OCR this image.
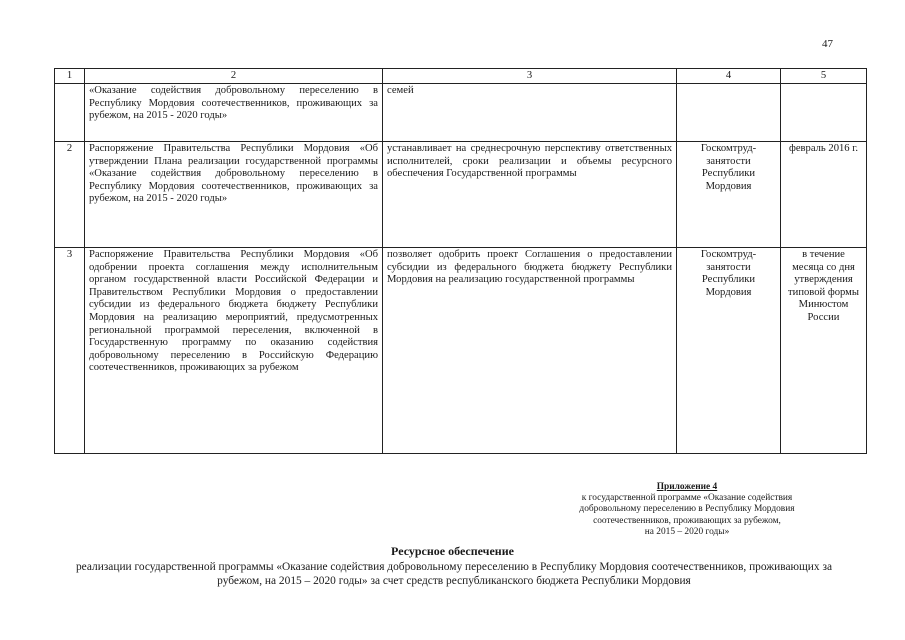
47
1	2	3	4	5
	«Оказание содействия добровольному переселению в Республику Мордовия соотечественников, проживающих за рубежом, на 2015 - 2020 годы»	семей		
2	Распоряжение Правительства Республики Мордовия «Об утверждении Плана реализации государственной программы «Оказание содействия добровольному переселению в Республику Мордовия соотечественников, проживающих за рубежом, на 2015 - 2020 годы»	устанавливает на среднесрочную перспективу ответственных исполнителей, сроки реализации и объемы ресурсного обеспечения Государственной программы	Госкомтруд-занятости Республики Мордовия	февраль 2016 г.
3	Распоряжение Правительства Республики Мордовия «Об одобрении проекта соглашения между исполнительным органом государственной власти Российской Федерации и Правительством Республики Мордовия о предоставлении субсидии из федерального бюджета бюджету Республики Мордовия на реализацию мероприятий, предусмотренных региональной программой переселения, включенной в Государственную программу по оказанию содействия добровольному переселению в Российскую Федерацию соотечественников, проживающих за рубежом	позволяет одобрить проект Соглашения о предоставлении субсидии из федерального бюджета бюджету Республики Мордовия на реализацию государственной программы	Госкомтруд-занятости Республики Мордовия	в течение месяца со дня утверждения типовой формы Минюстом России
Приложение 4
к государственной программе «Оказание содействия
добровольному переселению в Республику Мордовия
соотечественников, проживающих за рубежом,
на 2015 – 2020 годы»
Ресурсное обеспечение
реализации государственной программы «Оказание содействия добровольному переселению в Республику Мордовия соотечественников, проживающих за рубежом, на 2015 – 2020 годы» за счет средств республиканского бюджета Республики Мордовия
